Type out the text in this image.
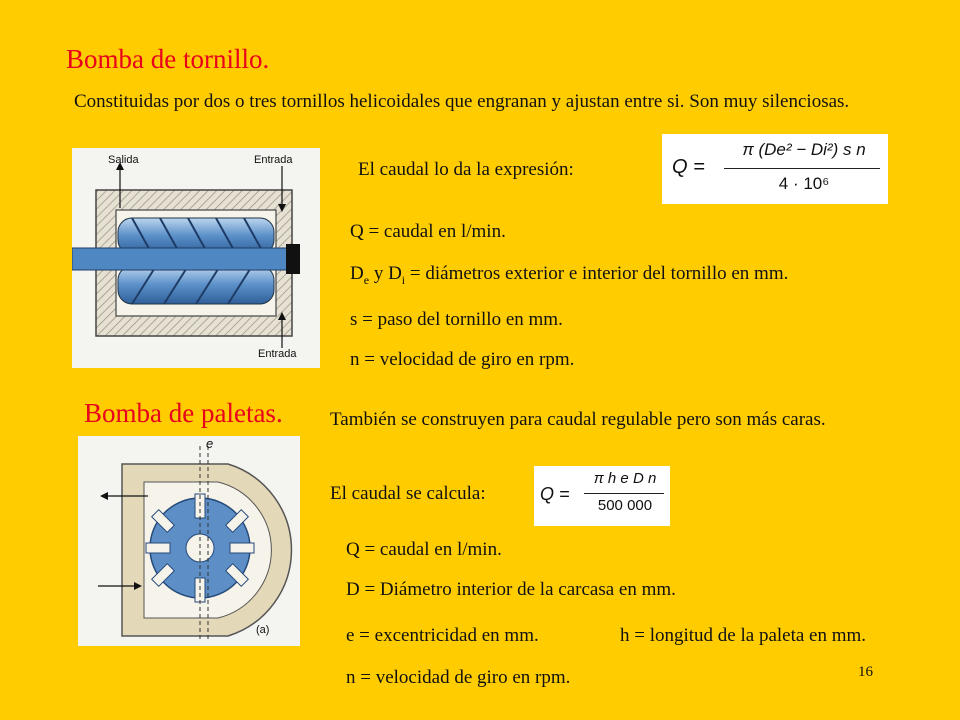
Bomba de tornillo.
Constituidas por dos o tres tornillos helicoidales que engranan y ajustan entre si. Son muy silenciosas.
Salida	Entrada
Entrada
El caudal lo da la expresión:	Q =
π (De² − Di²) s n
4 · 10⁶
Q = caudal en l/min.
$D_e$ y $D_i$ = diámetros exterior e interior del tornillo en mm.
s = paso del tornillo en mm.
n = velocidad de giro en rpm.
Bomba de paletas. También se construyen para caudal regulable pero son más caras.
e
(a)
El caudal se calcula:	Q =
π h e D n
500 000
Q = caudal en l/min.
D = Diámetro interior de la carcasa en mm.
e = excentricidad en mm.	h = longitud de la paleta en mm.
n = velocidad de giro en rpm.	16
